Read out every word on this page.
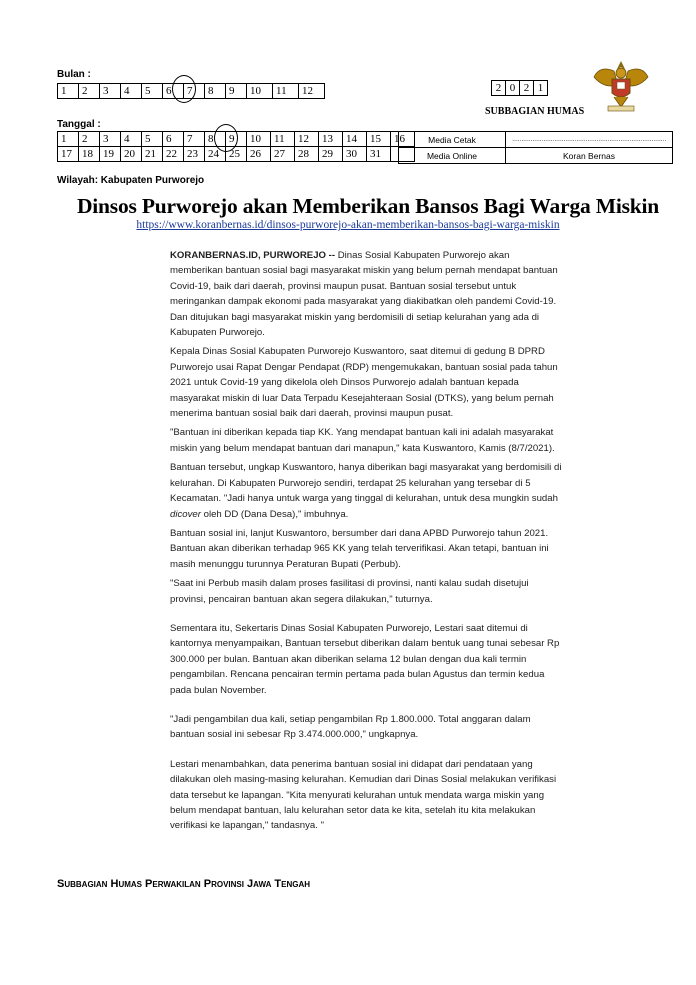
Bulan :
1	2	3	4	5	6	7	8	9	10	11	12	2	0	2	1
SUBBAGIAN HUMAS
Tanggal :
1	2	3	4	5	6	7	8	9	10	11	12	13	14	15	16
17	18	19	20	21	22	23	24	25	26	27	28	29	30	31	
Media Cetak	…………………………………………………………………………
Media Online	Koran Bernas
Wilayah: Kabupaten Purworejo
Dinsos Purworejo akan Memberikan Bansos Bagi Warga Miskin
https://www.koranbernas.id/dinsos-purworejo-akan-memberikan-bansos-bagi-warga-miskin

KORANBERNAS.ID, PURWOREJO -- Dinas Sosial Kabupaten Purworejo akan memberikan bantuan sosial bagi masyarakat miskin yang belum pernah mendapat bantuan Covid-19, baik dari daerah, provinsi maupun pusat. Bantuan sosial tersebut untuk meringankan dampak ekonomi pada masyarakat yang diakibatkan oleh pandemi Covid-19. Dan ditujukan bagi masyarakat miskin yang berdomisili di setiap kelurahan yang ada di Kabupaten Purworejo.

Kepala Dinas Sosial Kabupaten Purworejo Kuswantoro, saat ditemui di gedung B DPRD Purworejo usai Rapat Dengar Pendapat (RDP) mengemukakan, bantuan sosial pada tahun 2021 untuk Covid-19 yang dikelola oleh Dinsos Purworejo adalah bantuan kepada masyarakat miskin di luar Data Terpadu Kesejahteraan Sosial (DTKS), yang belum pernah menerima bantuan sosial baik dari daerah, provinsi maupun pusat.

"Bantuan ini diberikan kepada tiap KK. Yang mendapat bantuan kali ini adalah masyarakat miskin yang belum mendapat bantuan dari manapun," kata Kuswantoro, Kamis (8/7/2021).

Bantuan tersebut, ungkap Kuswantoro, hanya diberikan bagi masyarakat yang berdomisili di kelurahan. Di Kabupaten Purworejo sendiri, terdapat 25 kelurahan yang tersebar di 5 Kecamatan. "Jadi hanya untuk warga yang tinggal di kelurahan, untuk desa mungkin sudah dicover oleh DD (Dana Desa)," imbuhnya.

Bantuan sosial ini, lanjut Kuswantoro, bersumber dari dana APBD Purworejo tahun 2021. Bantuan akan diberikan terhadap 965 KK yang telah terverifikasi. Akan tetapi, bantuan ini masih menunggu turunnya Peraturan Bupati (Perbub).

"Saat ini Perbub masih dalam proses fasilitasi di provinsi, nanti kalau sudah disetujui provinsi, pencairan bantuan akan segera dilakukan," tuturnya.

Sementara itu, Sekertaris Dinas Sosial Kabupaten Purworejo, Lestari saat ditemui di kantornya menyampaikan, Bantuan tersebut diberikan dalam bentuk uang tunai sebesar Rp 300.000 per bulan. Bantuan akan diberikan selama 12 bulan dengan dua kali termin pengambilan. Rencana pencairan termin pertama pada bulan Agustus dan termin kedua pada bulan November.

"Jadi pengambilan dua kali, setiap pengambilan Rp 1.800.000. Total anggaran dalam bantuan sosial ini sebesar Rp 3.474.000.000," ungkapnya.

Lestari menambahkan, data penerima bantuan sosial ini didapat dari pendataan yang dilakukan oleh masing-masing kelurahan. Kemudian dari Dinas Sosial melakukan verifikasi data tersebut ke lapangan. "Kita menyurati kelurahan untuk mendata warga miskin yang belum mendapat bantuan, lalu kelurahan setor data ke kita, setelah itu kita melakukan verifikasi ke lapangan," tandasnya. "

Subbagian Humas Perwakilan Provinsi Jawa Tengah
